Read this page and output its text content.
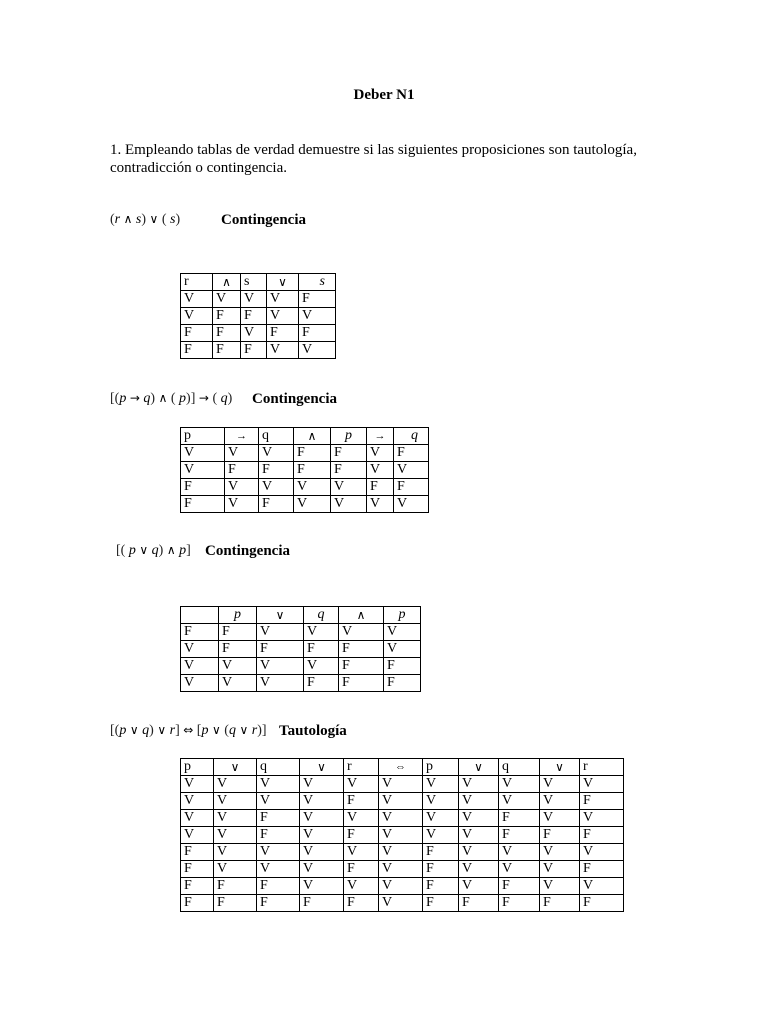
Deber N1
1. Empleando tablas de verdad demuestre si las siguientes proposiciones son tautología, contradicción o contingencia.
(r ∧ s) ∨ ( s)	Contingencia
r	∧	s	∨	s
V	V	V	V	F
V	F	F	V	V
F	F	V	F	F
F	F	F	V	V
[(p → q) ∧ ( p)] → ( q) Contingencia
p	→	q	∧	p	→	q
V	V	V	F	F	V	F
V	F	F	F	F	V	V
F	V	V	V	V	F	F
F	V	F	V	V	V	V
[( p ∨ q) ∧ p] Contingencia
	p	∨	q	∧	p
F	F	V	V	V	V
V	F	F	F	F	V
V	V	V	V	F	F
V	V	V	F	F	F
[(p ∨ q) ∨ r] ⇔ [p ∨ (q ∨ r)] Tautología
p	∨	q	∨	r	⇔	p	∨	q	∨	r
V	V	V	V	V	V	V	V	V	V	V
V	V	V	V	F	V	V	V	V	V	F
V	V	F	V	V	V	V	V	F	V	V
V	V	F	V	F	V	V	V	F	F	F
F	V	V	V	V	V	F	V	V	V	V
F	V	V	V	F	V	F	V	V	V	F
F	F	F	V	V	V	F	V	F	V	V
F	F	F	F	F	V	F	F	F	F	F
